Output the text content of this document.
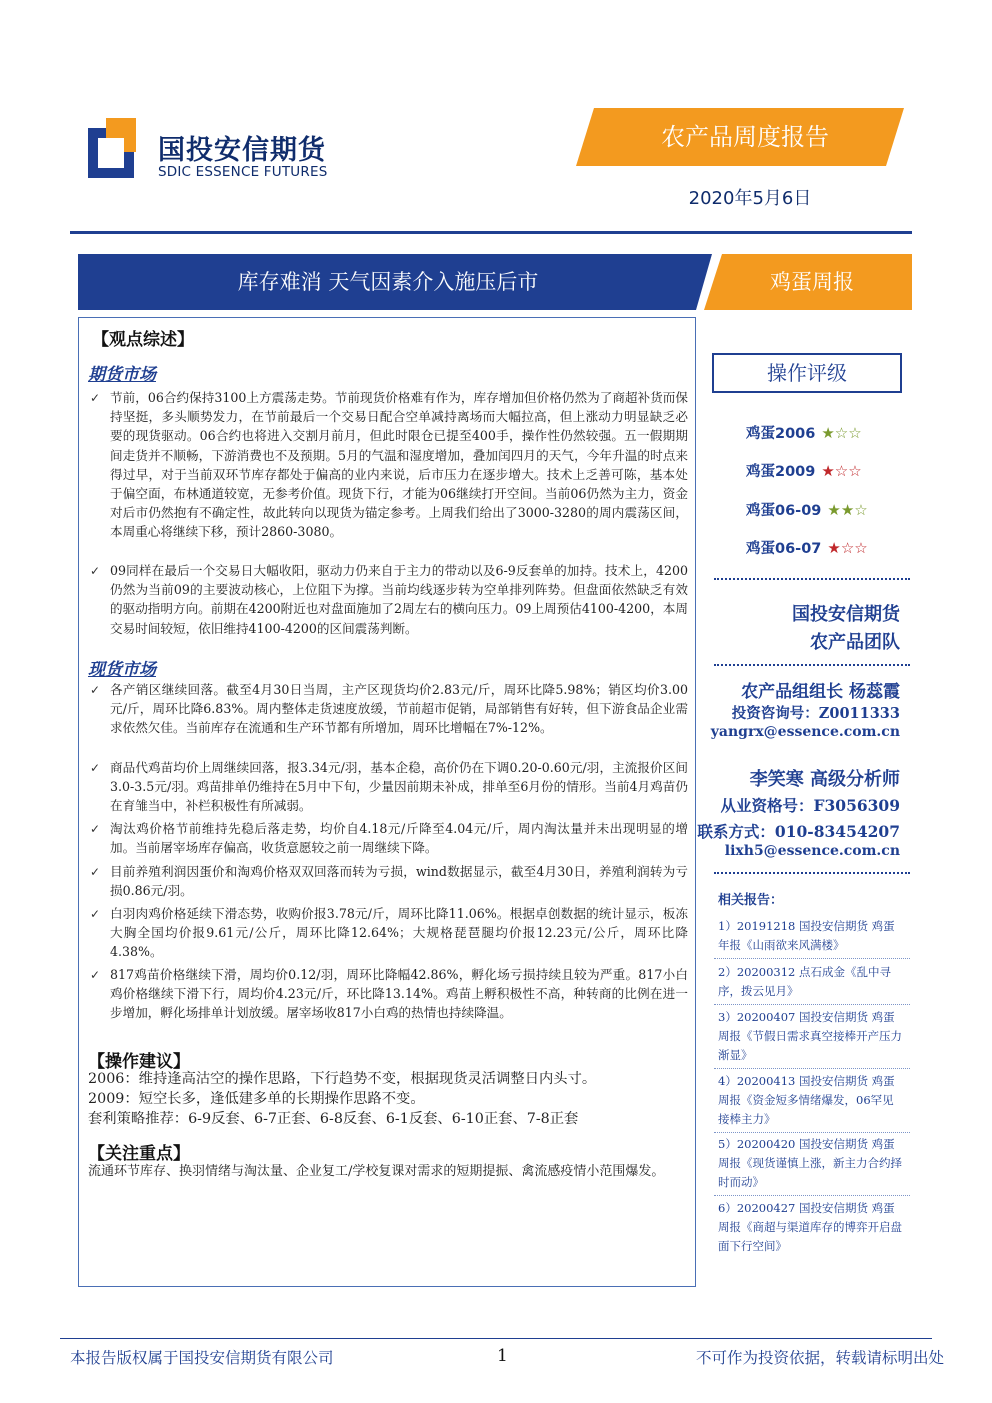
国投安信期货
SDIC ESSENCE FUTURES
农产品周度报告
2020年5月6日
库存难消 天气因素介入施压后市	鸡蛋周报
【观点综述】
期货市场
✓ 节前，06合约保持3100上方震荡走势。节前现货价格难有作为，库存增加但价格仍然为了商超补货而保持坚挺，多头顺势发力，在节前最后一个交易日配合空单减持离场而大幅拉高，但上涨动力明显缺乏必要的现货驱动。06合约也将进入交割月前月，但此时限仓已提至400手，操作性仍然较强。五一假期期间走货并不顺畅，下游消费也不及预期。5月的气温和湿度增加，叠加闰四月的天气，今年升温的时点来得过早，对于当前双环节库存都处于偏高的业内来说，后市压力在逐步增大。技术上乏善可陈，基本处于偏空面，布林通道较宽，无参考价值。现货下行，才能为06继续打开空间。当前06仍然为主力，资金对后市仍然抱有不确定性，故此转向以现货为锚定参考。上周我们给出了3000-3280的周内震荡区间，本周重心将继续下移，预计2860-3080。
✓ 09同样在最后一个交易日大幅收阳，驱动力仍来自于主力的带动以及6-9反套单的加持。技术上，4200仍然为当前09的主要波动核心，上位阻下为撑。当前均线逐步转为空单排列阵势。但盘面依然缺乏有效的驱动指明方向。前期在4200附近也对盘面施加了2周左右的横向压力。09上周预估4100-4200，本周交易时间较短，依旧维持4100-4200的区间震荡判断。
现货市场
✓ 各产销区继续回落。截至4月30日当周，主产区现货均价2.83元/斤，周环比降5.98%；销区均价3.00元/斤，周环比降6.83%。周内整体走货速度放缓，节前超市促销，局部销售有好转，但下游食品企业需求依然欠佳。当前库存在流通和生产环节都有所增加，周环比增幅在7%-12%。
✓ 商品代鸡苗均价上周继续回落，报3.34元/羽，基本企稳，高价仍在下调0.20-0.60元/羽，主流报价区间3.0-3.5元/羽。鸡苗排单仍维持在5月中下旬，少量因前期未补成，排单至6月份的情形。当前4月鸡苗仍在育雏当中，补栏积极性有所减弱。
✓ 淘汰鸡价格节前维持先稳后落走势，均价自4.18元/斤降至4.04元/斤，周内淘汰量并未出现明显的增加。当前屠宰场库存偏高，收货意愿较之前一周继续下降。
✓ 目前养殖利润因蛋价和淘鸡价格双双回落而转为亏损，wind数据显示，截至4月30日，养殖利润转为亏损0.86元/羽。
✓ 白羽肉鸡价格延续下滑态势，收购价报3.78元/斤，周环比降11.06%。根据卓创数据的统计显示，板冻大胸全国均价报9.61元/公斤，周环比降12.64%；大规格琵琶腿均价报12.23元/公斤，周环比降4.38%。
✓ 817鸡苗价格继续下滑，周均价0.12/羽，周环比降幅42.86%，孵化场亏损持续且较为严重。817小白鸡价格继续下滑下行，周均价4.23元/斤，环比降13.14%。鸡苗上孵积极性不高，种转商的比例在进一步增加，孵化场排单计划放缓。屠宰场收817小白鸡的热情也持续降温。
【操作建议】
2006：维持逢高沽空的操作思路，下行趋势不变，根据现货灵活调整日内头寸。
2009：短空长多，逢低建多单的长期操作思路不变。
套利策略推荐：6-9反套、6-7正套、6-8反套、6-1反套、6-10正套、7-8正套
【关注重点】
流通环节库存、换羽情绪与淘汰量、企业复工/学校复课对需求的短期提振、禽流感疫情小范围爆发。
操作评级
鸡蛋2006 ★☆☆
鸡蛋2009 ★☆☆
鸡蛋06-09 ★★☆
鸡蛋06-07 ★☆☆
国投安信期货
农产品团队
农产品组组长 杨蕊霞
投资咨询号：Z0011333
yangrx@essence.com.cn
李笑寒 高级分析师
从业资格号：F3056309
联系方式：010-83454207
lixh5@essence.com.cn
相关报告：
1）20191218 国投安信期货 鸡蛋年报《山雨欲来风满楼》
2）20200312 点石成金《乱中寻序，拨云见月》
3）20200407 国投安信期货 鸡蛋周报《节假日需求真空接棒开产压力渐显》
4）20200413 国投安信期货 鸡蛋周报《资金短多情绪爆发，06罕见接棒主力》
5）20200420 国投安信期货 鸡蛋周报《现货谨慎上涨，新主力合约择时而动》
6）20200427 国投安信期货 鸡蛋周报《商超与渠道库存的博弈开启盘面下行空间》
本报告版权属于国投安信期货有限公司	1	不可作为投资依据，转载请标明出处
